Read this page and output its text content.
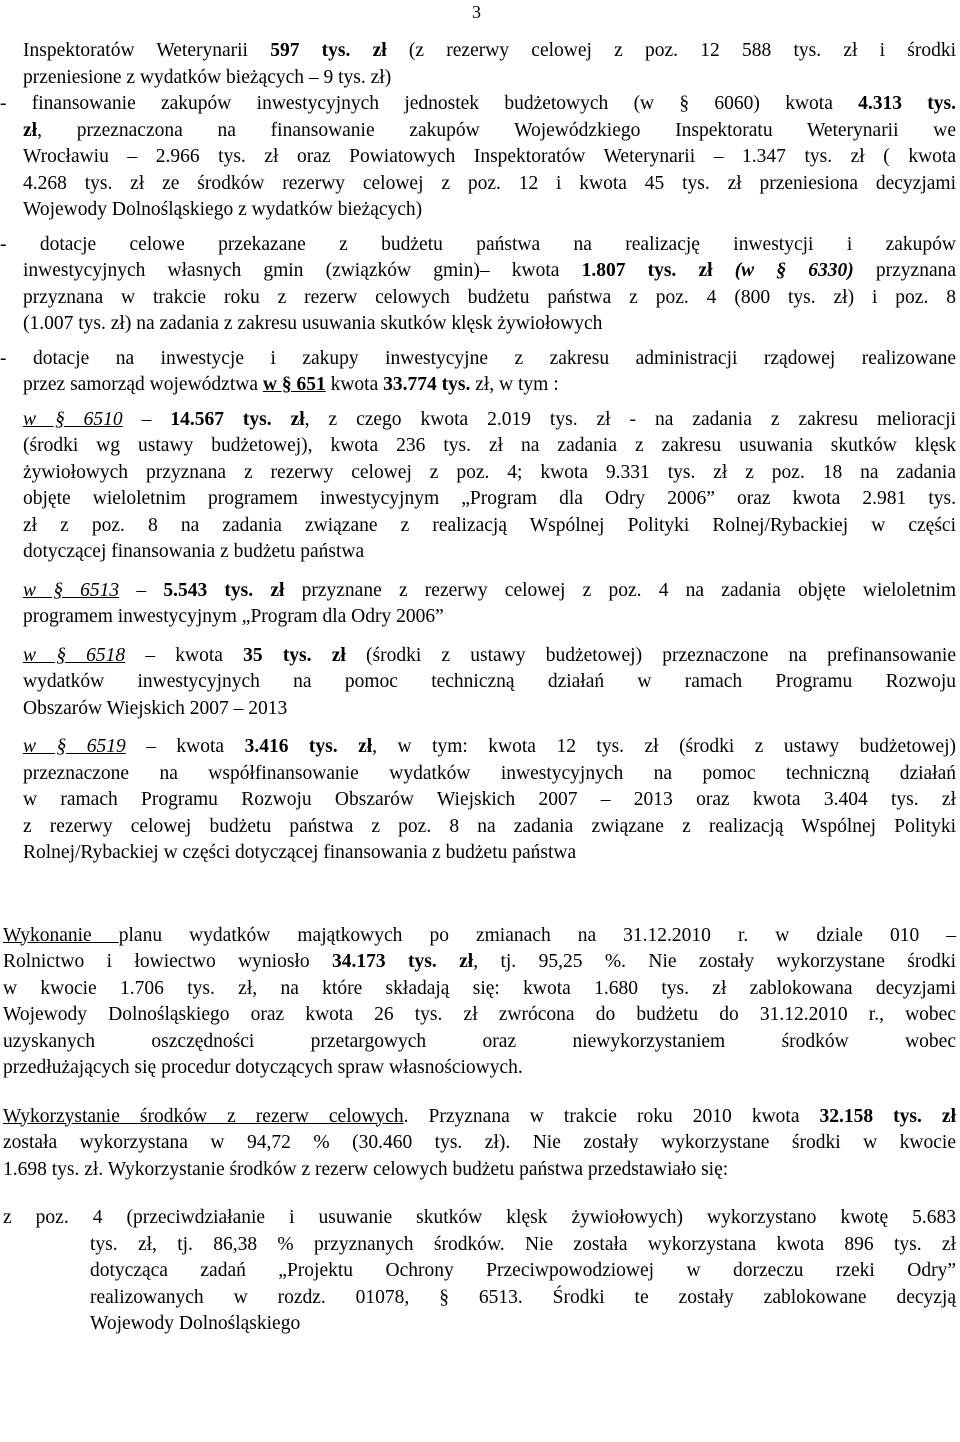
3
Inspektoratów Weterynarii 597 tys. zł (z rezerwy celowej z poz. 12 588 tys. zł i środki
przeniesione z wydatków bieżących – 9 tys. zł)
- finansowanie zakupów inwestycyjnych jednostek budżetowych (w § 6060) kwota 4.313 tys.
zł, przeznaczona na finansowanie zakupów Wojewódzkiego Inspektoratu Weterynarii we
Wrocławiu – 2.966 tys. zł oraz Powiatowych Inspektoratów Weterynarii – 1.347 tys. zł ( kwota
4.268 tys. zł ze środków rezerwy celowej z poz. 12 i kwota 45 tys. zł przeniesiona decyzjami
Wojewody Dolnośląskiego z wydatków bieżących)
- dotacje celowe przekazane z budżetu państwa na realizację inwestycji i zakupów
inwestycyjnych własnych gmin (związków gmin)– kwota 1.807 tys. zł (w § 6330) przyznana
przyznana w trakcie roku z rezerw celowych budżetu państwa z poz. 4 (800 tys. zł) i poz. 8
(1.007 tys. zł) na zadania z zakresu usuwania skutków klęsk żywiołowych
- dotacje na inwestycje i zakupy inwestycyjne z zakresu administracji rządowej realizowane
przez samorząd województwa w § 651 kwota 33.774 tys. zł, w tym :
w § 6510 – 14.567 tys. zł, z czego kwota 2.019 tys. zł - na zadania z zakresu melioracji
(środki wg ustawy budżetowej), kwota 236 tys. zł na zadania z zakresu usuwania skutków klęsk
żywiołowych przyznana z rezerwy celowej z poz. 4; kwota 9.331 tys. zł z poz. 18 na zadania
objęte wieloletnim programem inwestycyjnym „Program dla Odry 2006” oraz kwota 2.981 tys.
zł z poz. 8 na zadania związane z realizacją Wspólnej Polityki Rolnej/Rybackiej w części
dotyczącej finansowania z budżetu państwa
w § 6513 – 5.543 tys. zł przyznane z rezerwy celowej z poz. 4 na zadania objęte wieloletnim
programem inwestycyjnym „Program dla Odry 2006”
w § 6518 – kwota 35 tys. zł (środki z ustawy budżetowej) przeznaczone na prefinansowanie
wydatków inwestycyjnych na pomoc techniczną działań w ramach Programu Rozwoju
Obszarów Wiejskich 2007 – 2013
w § 6519 – kwota 3.416 tys. zł, w tym: kwota 12 tys. zł (środki z ustawy budżetowej)
przeznaczone na współfinansowanie wydatków inwestycyjnych na pomoc techniczną działań
w ramach Programu Rozwoju Obszarów Wiejskich 2007 – 2013 oraz kwota 3.404 tys. zł
z rezerwy celowej budżetu państwa z poz. 8 na zadania związane z realizacją Wspólnej Polityki
Rolnej/Rybackiej w części dotyczącej finansowania z budżetu państwa
Wykonanie planu wydatków majątkowych po zmianach na 31.12.2010 r. w dziale 010 –
Rolnictwo i łowiectwo wyniosło 34.173 tys. zł, tj. 95,25 %. Nie zostały wykorzystane środki
w kwocie 1.706 tys. zł, na które składają się: kwota 1.680 tys. zł zablokowana decyzjami
Wojewody Dolnośląskiego oraz kwota 26 tys. zł zwrócona do budżetu do 31.12.2010 r., wobec
uzyskanych oszczędności przetargowych oraz niewykorzystaniem środków wobec
przedłużających się procedur dotyczących spraw własnościowych.
Wykorzystanie środków z rezerw celowych. Przyznana w trakcie roku 2010 kwota 32.158 tys. zł
została wykorzystana w 94,72 % (30.460 tys. zł). Nie zostały wykorzystane środki w kwocie
1.698 tys. zł. Wykorzystanie środków z rezerw celowych budżetu państwa przedstawiało się:
z poz. 4 (przeciwdziałanie i usuwanie skutków klęsk żywiołowych) wykorzystano kwotę 5.683
tys. zł, tj. 86,38 % przyznanych środków. Nie została wykorzystana kwota 896 tys. zł
dotycząca zadań „Projektu Ochrony Przeciwpowodziowej w dorzeczu rzeki Odry”
realizowanych w rozdz. 01078, § 6513. Środki te zostały zablokowane decyzją
Wojewody Dolnośląskiego
